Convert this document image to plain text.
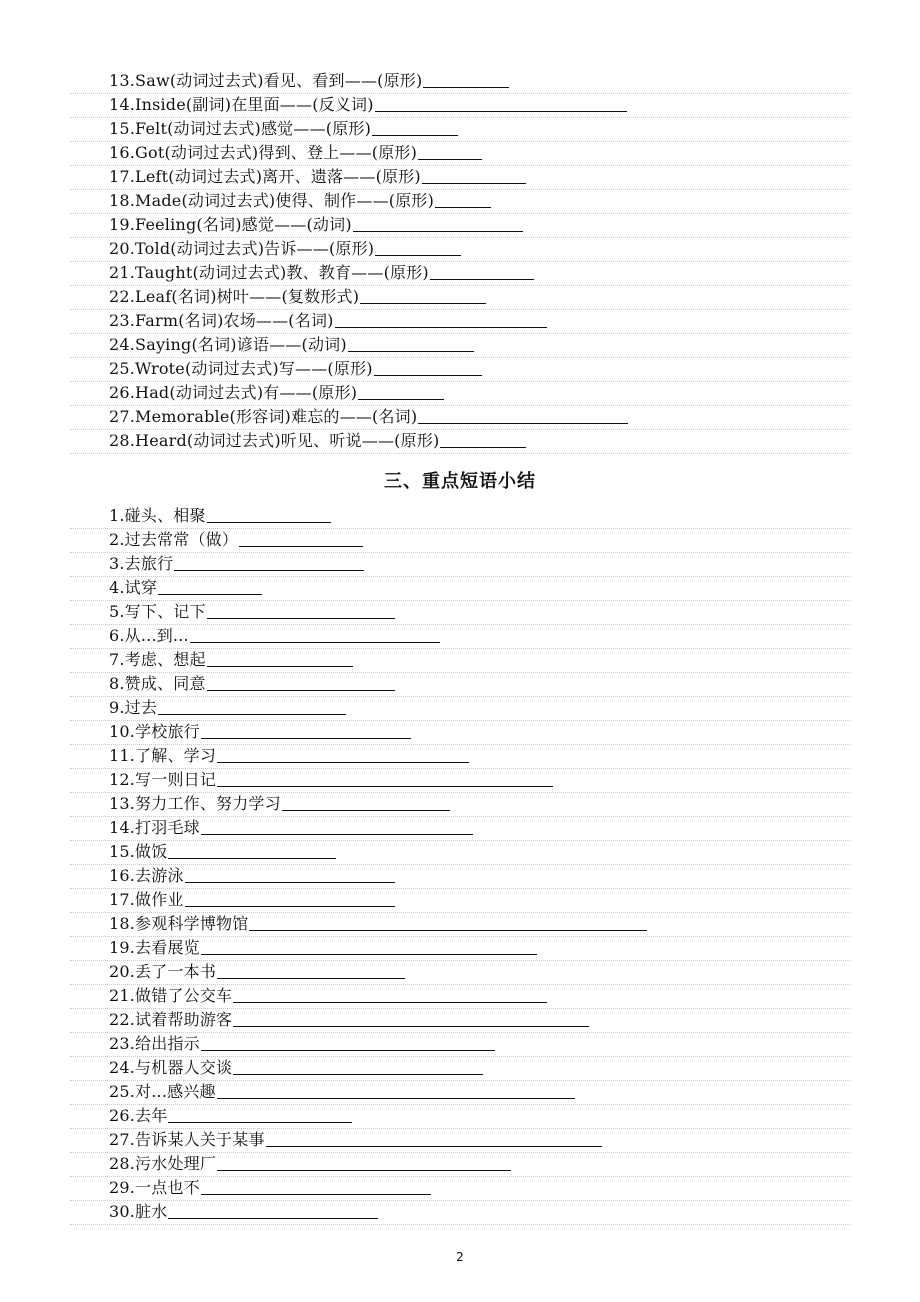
13.Saw(动词过去式)看见、看到——(原形)
14.Inside(副词)在里面——(反义词)
15.Felt(动词过去式)感觉——(原形)
16.Got(动词过去式)得到、登上——(原形)
17.Left(动词过去式)离开、遗落——(原形)
18.Made(动词过去式)使得、制作——(原形)
19.Feeling(名词)感觉——(动词)
20.Told(动词过去式)告诉——(原形)
21.Taught(动词过去式)教、教育——(原形)
22.Leaf(名词)树叶——(复数形式)
23.Farm(名词)农场——(名词)
24.Saying(名词)谚语——(动词)
25.Wrote(动词过去式)写——(原形)
26.Had(动词过去式)有——(原形)
27.Memorable(形容词)难忘的——(名词)
28.Heard(动词过去式)听见、听说——(原形)
三、重点短语小结
1.碰头、相聚
2.过去常常（做）
3.去旅行
4.试穿
5.写下、记下
6.从...到...
7.考虑、想起
8.赞成、同意
9.过去
10.学校旅行
11.了解、学习
12.写一则日记
13.努力工作、努力学习
14.打羽毛球
15.做饭
16.去游泳
17.做作业
18.参观科学博物馆
19.去看展览
20.丢了一本书
21.做错了公交车
22.试着帮助游客
23.给出指示
24.与机器人交谈
25.对...感兴趣
26.去年
27.告诉某人关于某事
28.污水处理厂
29.一点也不
30.脏水
2
